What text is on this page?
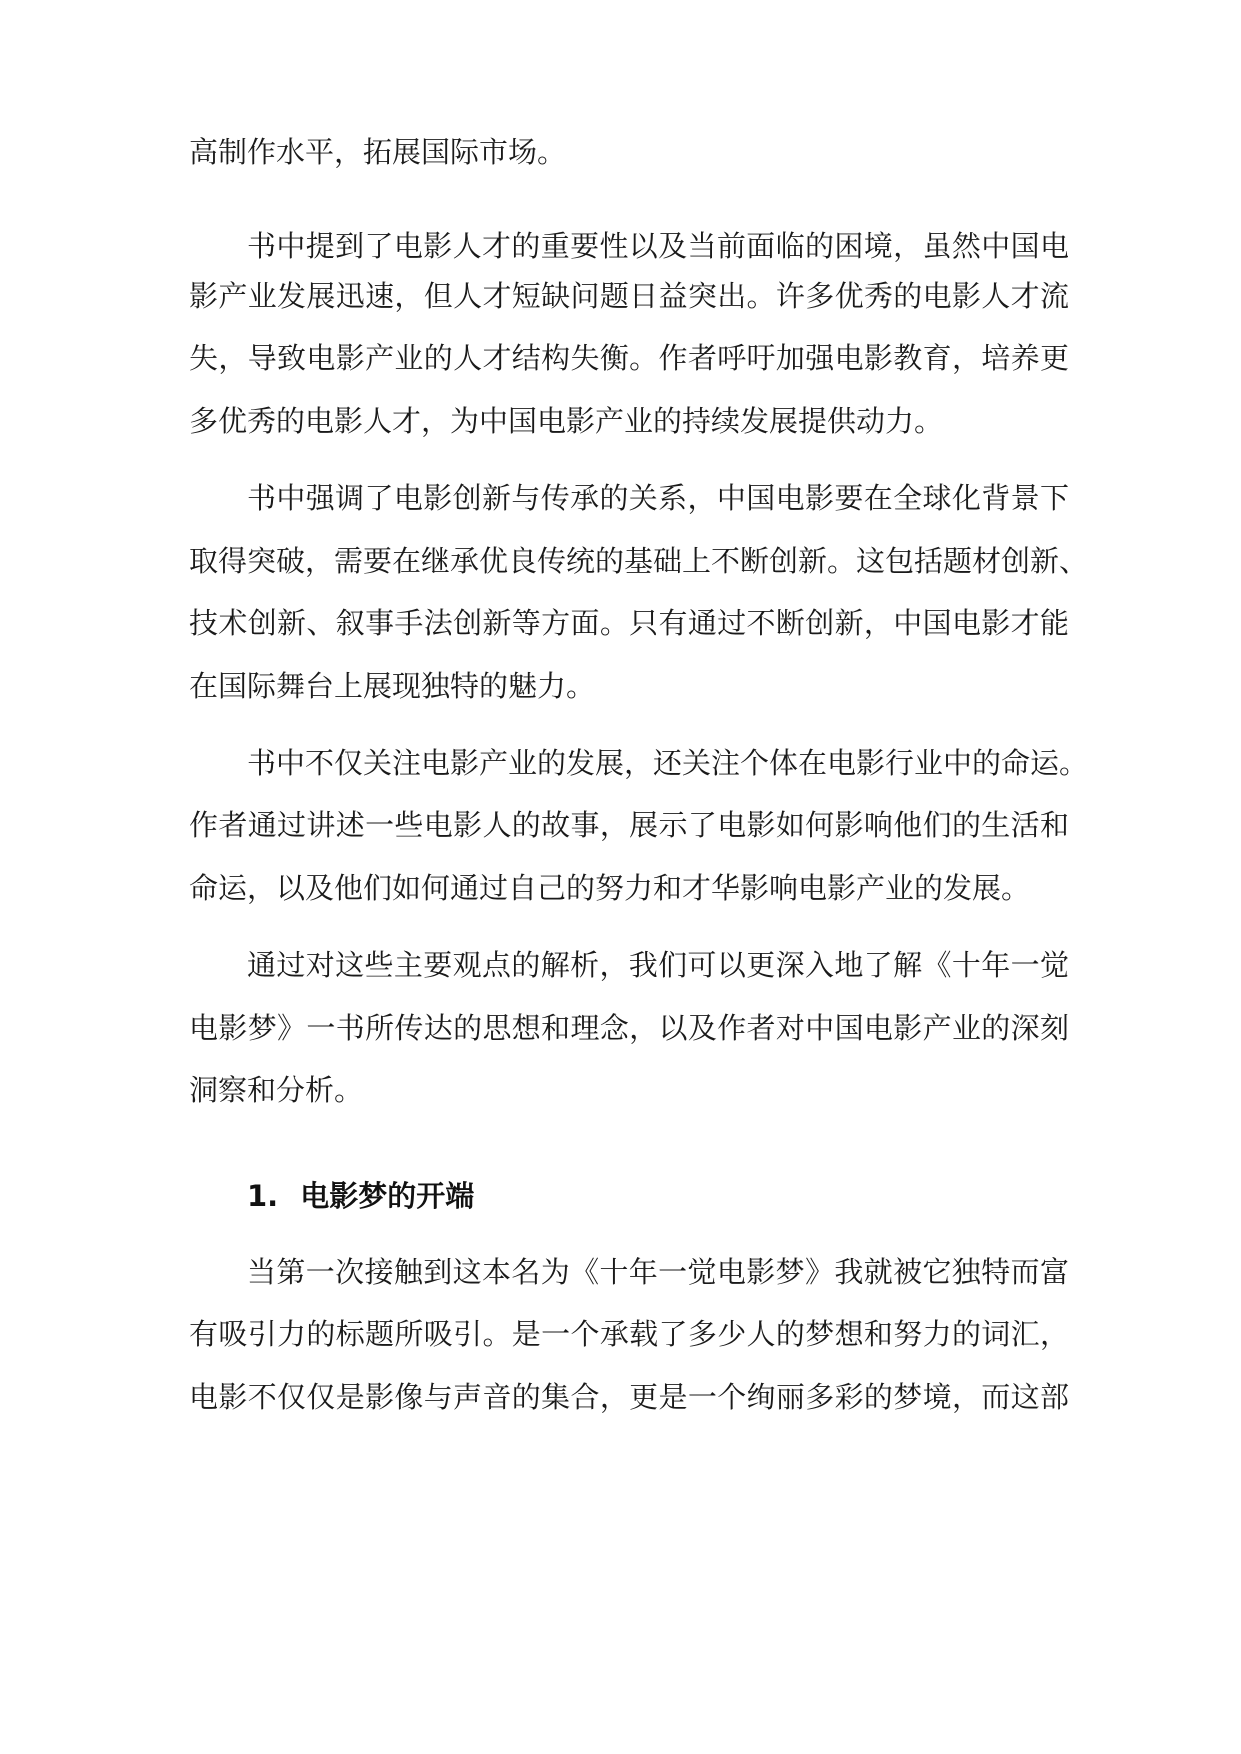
高制作水平，拓展国际市场。
书中提到了电影人才的重要性以及当前面临的困境，虽然中国电
影产业发展迅速，但人才短缺问题日益突出。许多优秀的电影人才流
失，导致电影产业的人才结构失衡。作者呼吁加强电影教育，培养更
多优秀的电影人才，为中国电影产业的持续发展提供动力。
书中强调了电影创新与传承的关系，中国电影要在全球化背景下
取得突破，需要在继承优良传统的基础上不断创新。这包括题材创新、
技术创新、叙事手法创新等方面。只有通过不断创新，中国电影才能
在国际舞台上展现独特的魅力。
书中不仅关注电影产业的发展，还关注个体在电影行业中的命运。
作者通过讲述一些电影人的故事，展示了电影如何影响他们的生活和
命运，以及他们如何通过自己的努力和才华影响电影产业的发展。
通过对这些主要观点的解析，我们可以更深入地了解《十年一觉
电影梦》一书所传达的思想和理念，以及作者对中国电影产业的深刻
洞察和分析。
1. 电影梦的开端
当第一次接触到这本名为《十年一觉电影梦》我就被它独特而富
有吸引力的标题所吸引。是一个承载了多少人的梦想和努力的词汇，
电影不仅仅是影像与声音的集合，更是一个绚丽多彩的梦境，而这部
